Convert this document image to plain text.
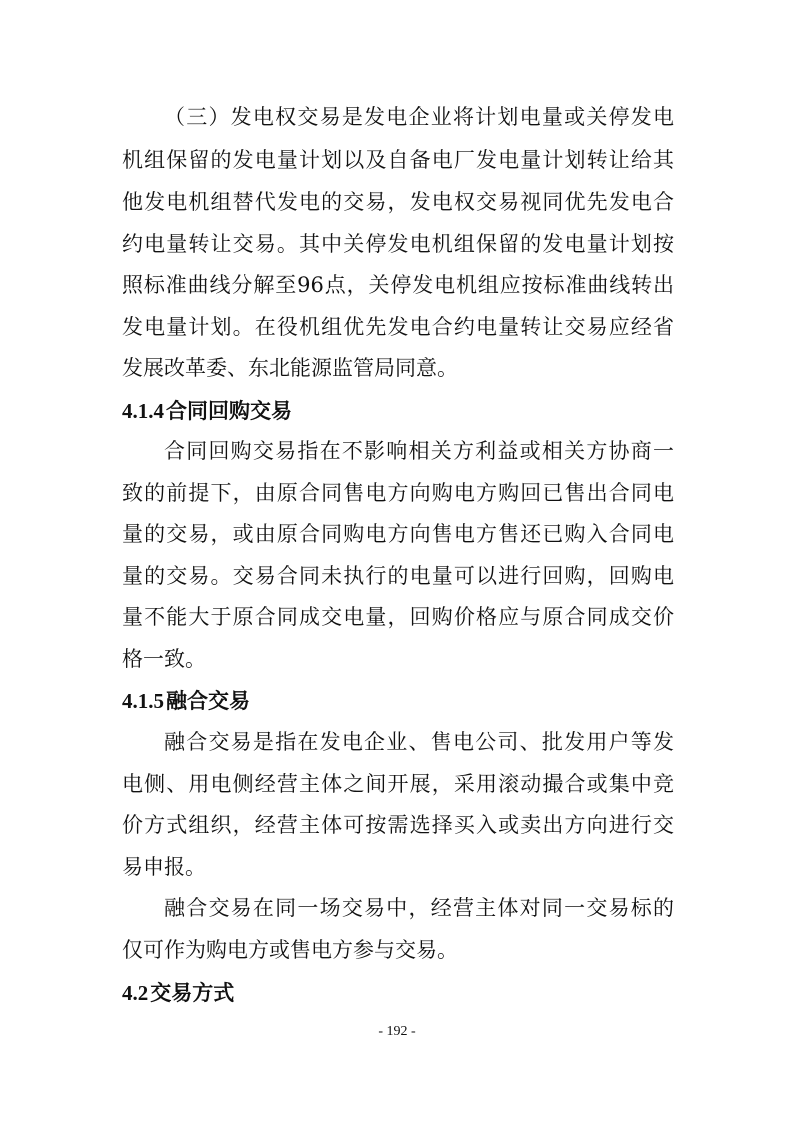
（三）发电权交易是发电企业将计划电量或关停发电
机组保留的发电量计划以及自备电厂发电量计划转让给其
他发电机组替代发电的交易，发电权交易视同优先发电合
约电量转让交易。其中关停发电机组保留的发电量计划按
照标准曲线分解至96点，关停发电机组应按标准曲线转出
发电量计划。在役机组优先发电合约电量转让交易应经省
发展改革委、东北能源监管局同意。
4.1.4合同回购交易
合同回购交易指在不影响相关方利益或相关方协商一
致的前提下，由原合同售电方向购电方购回已售出合同电
量的交易，或由原合同购电方向售电方售还已购入合同电
量的交易。交易合同未执行的电量可以进行回购，回购电
量不能大于原合同成交电量，回购价格应与原合同成交价
格一致。
4.1.5融合交易
融合交易是指在发电企业、售电公司、批发用户等发
电侧、用电侧经营主体之间开展，采用滚动撮合或集中竞
价方式组织，经营主体可按需选择买入或卖出方向进行交
易申报。
融合交易在同一场交易中，经营主体对同一交易标的
仅可作为购电方或售电方参与交易。
4.2交易方式
- 192 -
